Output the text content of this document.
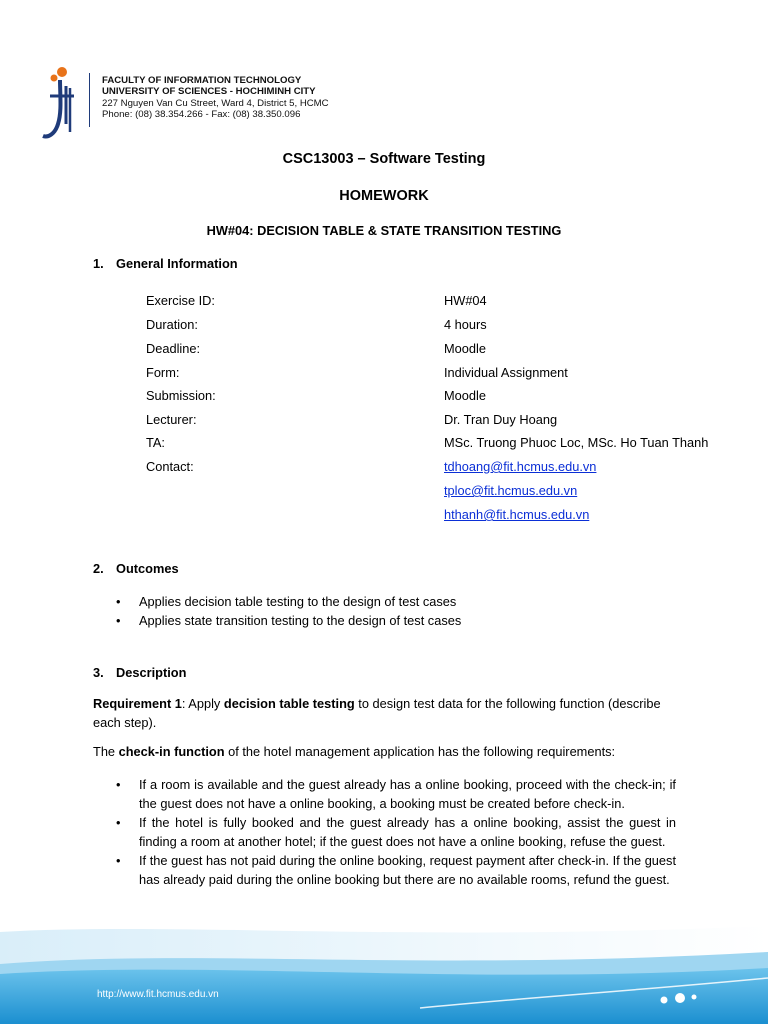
FACULTY OF INFORMATION TECHNOLOGY
UNIVERSITY OF SCIENCES - HOCHIMINH CITY
227 Nguyen Van Cu Street, Ward 4, District 5, HCMC
Phone: (08) 38.354.266 - Fax: (08) 38.350.096
CSC13003 – Software Testing
HOMEWORK
HW#04: DECISION TABLE & STATE TRANSITION TESTING
1. General Information
Exercise ID:	HW#04
Duration:	4 hours
Deadline:	Moodle
Form:	Individual Assignment
Submission:	Moodle
Lecturer:	Dr. Tran Duy Hoang
TA:	MSc. Truong Phuoc Loc, MSc. Ho Tuan Thanh
Contact:	tdhoang@fit.hcmus.edu.vn
tploc@fit.hcmus.edu.vn
hthanh@fit.hcmus.edu.vn
2. Outcomes
• Applies decision table testing to the design of test cases
• Applies state transition testing to the design of test cases
3. Description
Requirement 1: Apply decision table testing to design test data for the following function (describe each step).
The check-in function of the hotel management application has the following requirements:
• If a room is available and the guest already has a online booking, proceed with the check-in; if the guest does not have a online booking, a booking must be created before check-in.
• If the hotel is fully booked and the guest already has a online booking, assist the guest in finding a room at another hotel; if the guest does not have a online booking, refuse the guest.
• If the guest has not paid during the online booking, request payment after check-in. If the guest has already paid during the online booking but there are no available rooms, refund the guest.
http://www.fit.hcmus.edu.vn
